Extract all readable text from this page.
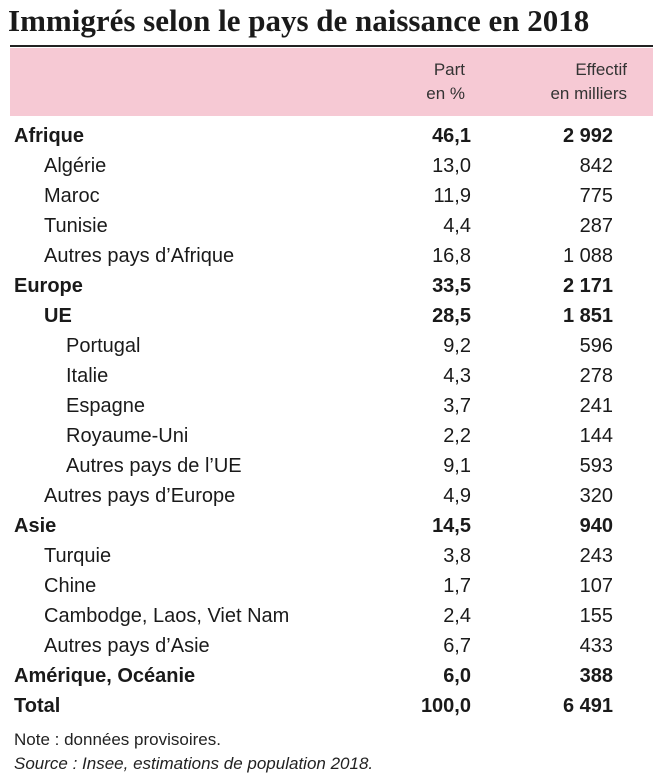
Immigrés selon le pays de naissance en 2018
Part
en %
Effectif
en milliers
Afrique	46,1	2 992
Algérie	13,0	842
Maroc	11,9	775
Tunisie	4,4	287
Autres pays d’Afrique	16,8	1 088
Europe	33,5	2 171
UE	28,5	1 851
Portugal	9,2	596
Italie	4,3	278
Espagne	3,7	241
Royaume-Uni	2,2	144
Autres pays de l’UE	9,1	593
Autres pays d’Europe	4,9	320
Asie	14,5	940
Turquie	3,8	243
Chine	1,7	107
Cambodge, Laos, Viet Nam	2,4	155
Autres pays d’Asie	6,7	433
Amérique, Océanie	6,0	388
Total	100,0	6 491
Note : données provisoires.
Source : Insee, estimations de population 2018.
